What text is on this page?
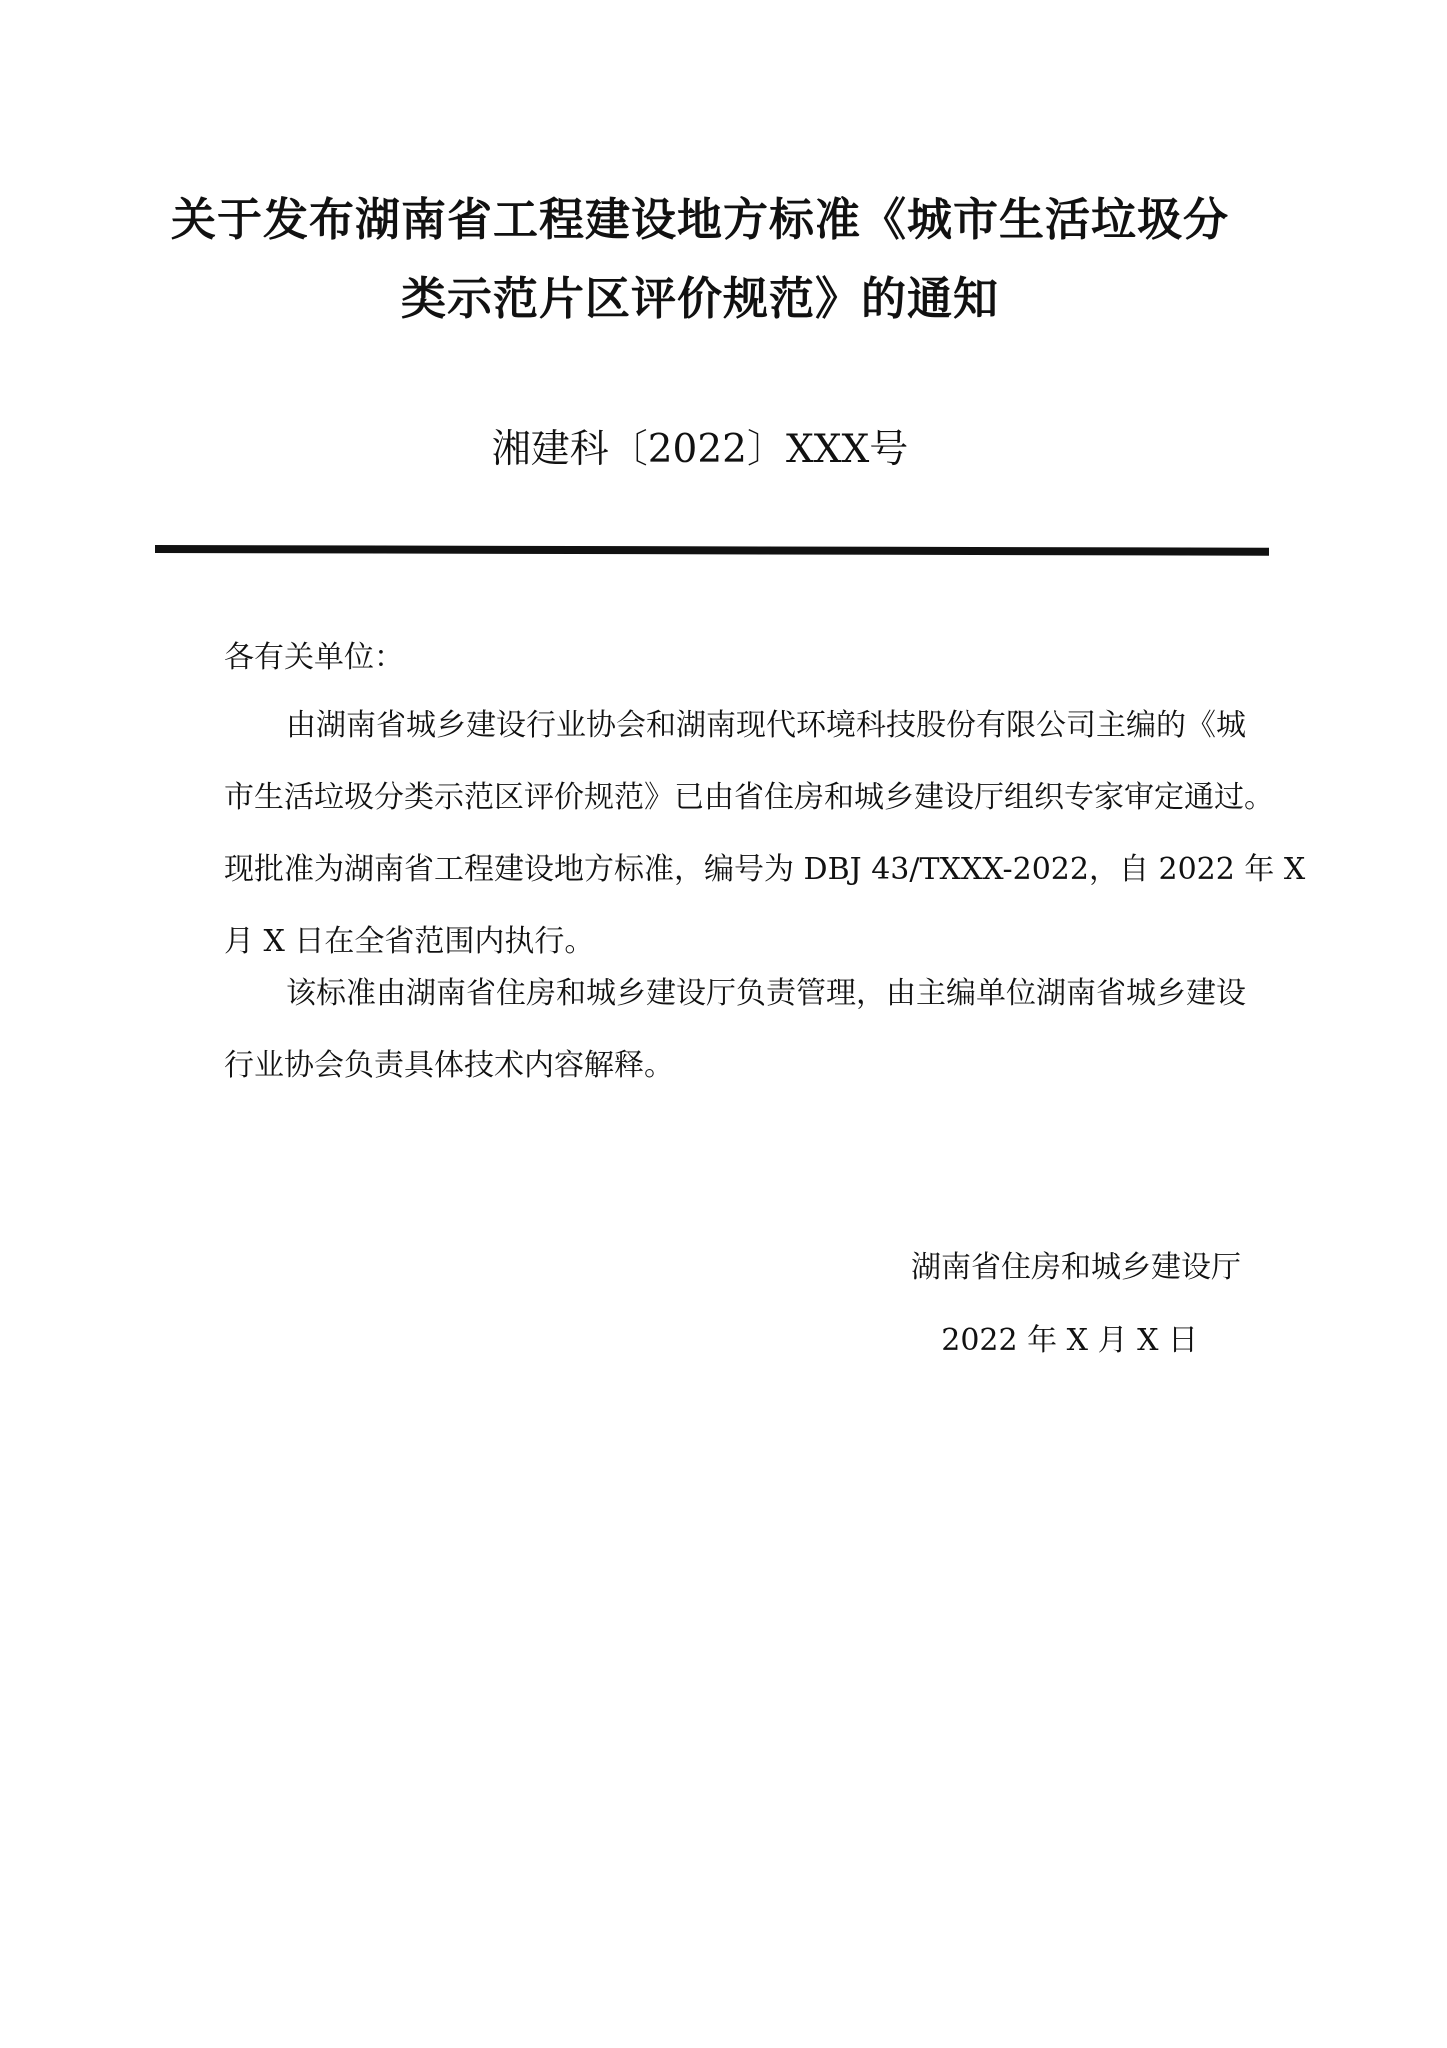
关于发布湖南省工程建设地方标准《城市生活垃圾分
类示范片区评价规范》的通知
湘建科〔2022〕XXX号
各有关单位：
由湖南省城乡建设行业协会和湖南现代环境科技股份有限公司主编的《城
市生活垃圾分类示范区评价规范》已由省住房和城乡建设厅组织专家审定通过。
现批准为湖南省工程建设地方标准，编号为 DBJ 43/TXXX-2022，自 2022 年 X
月 X 日在全省范围内执行。
该标准由湖南省住房和城乡建设厅负责管理，由主编单位湖南省城乡建设
行业协会负责具体技术内容解释。
湖南省住房和城乡建设厅
2022 年 X 月 X 日
